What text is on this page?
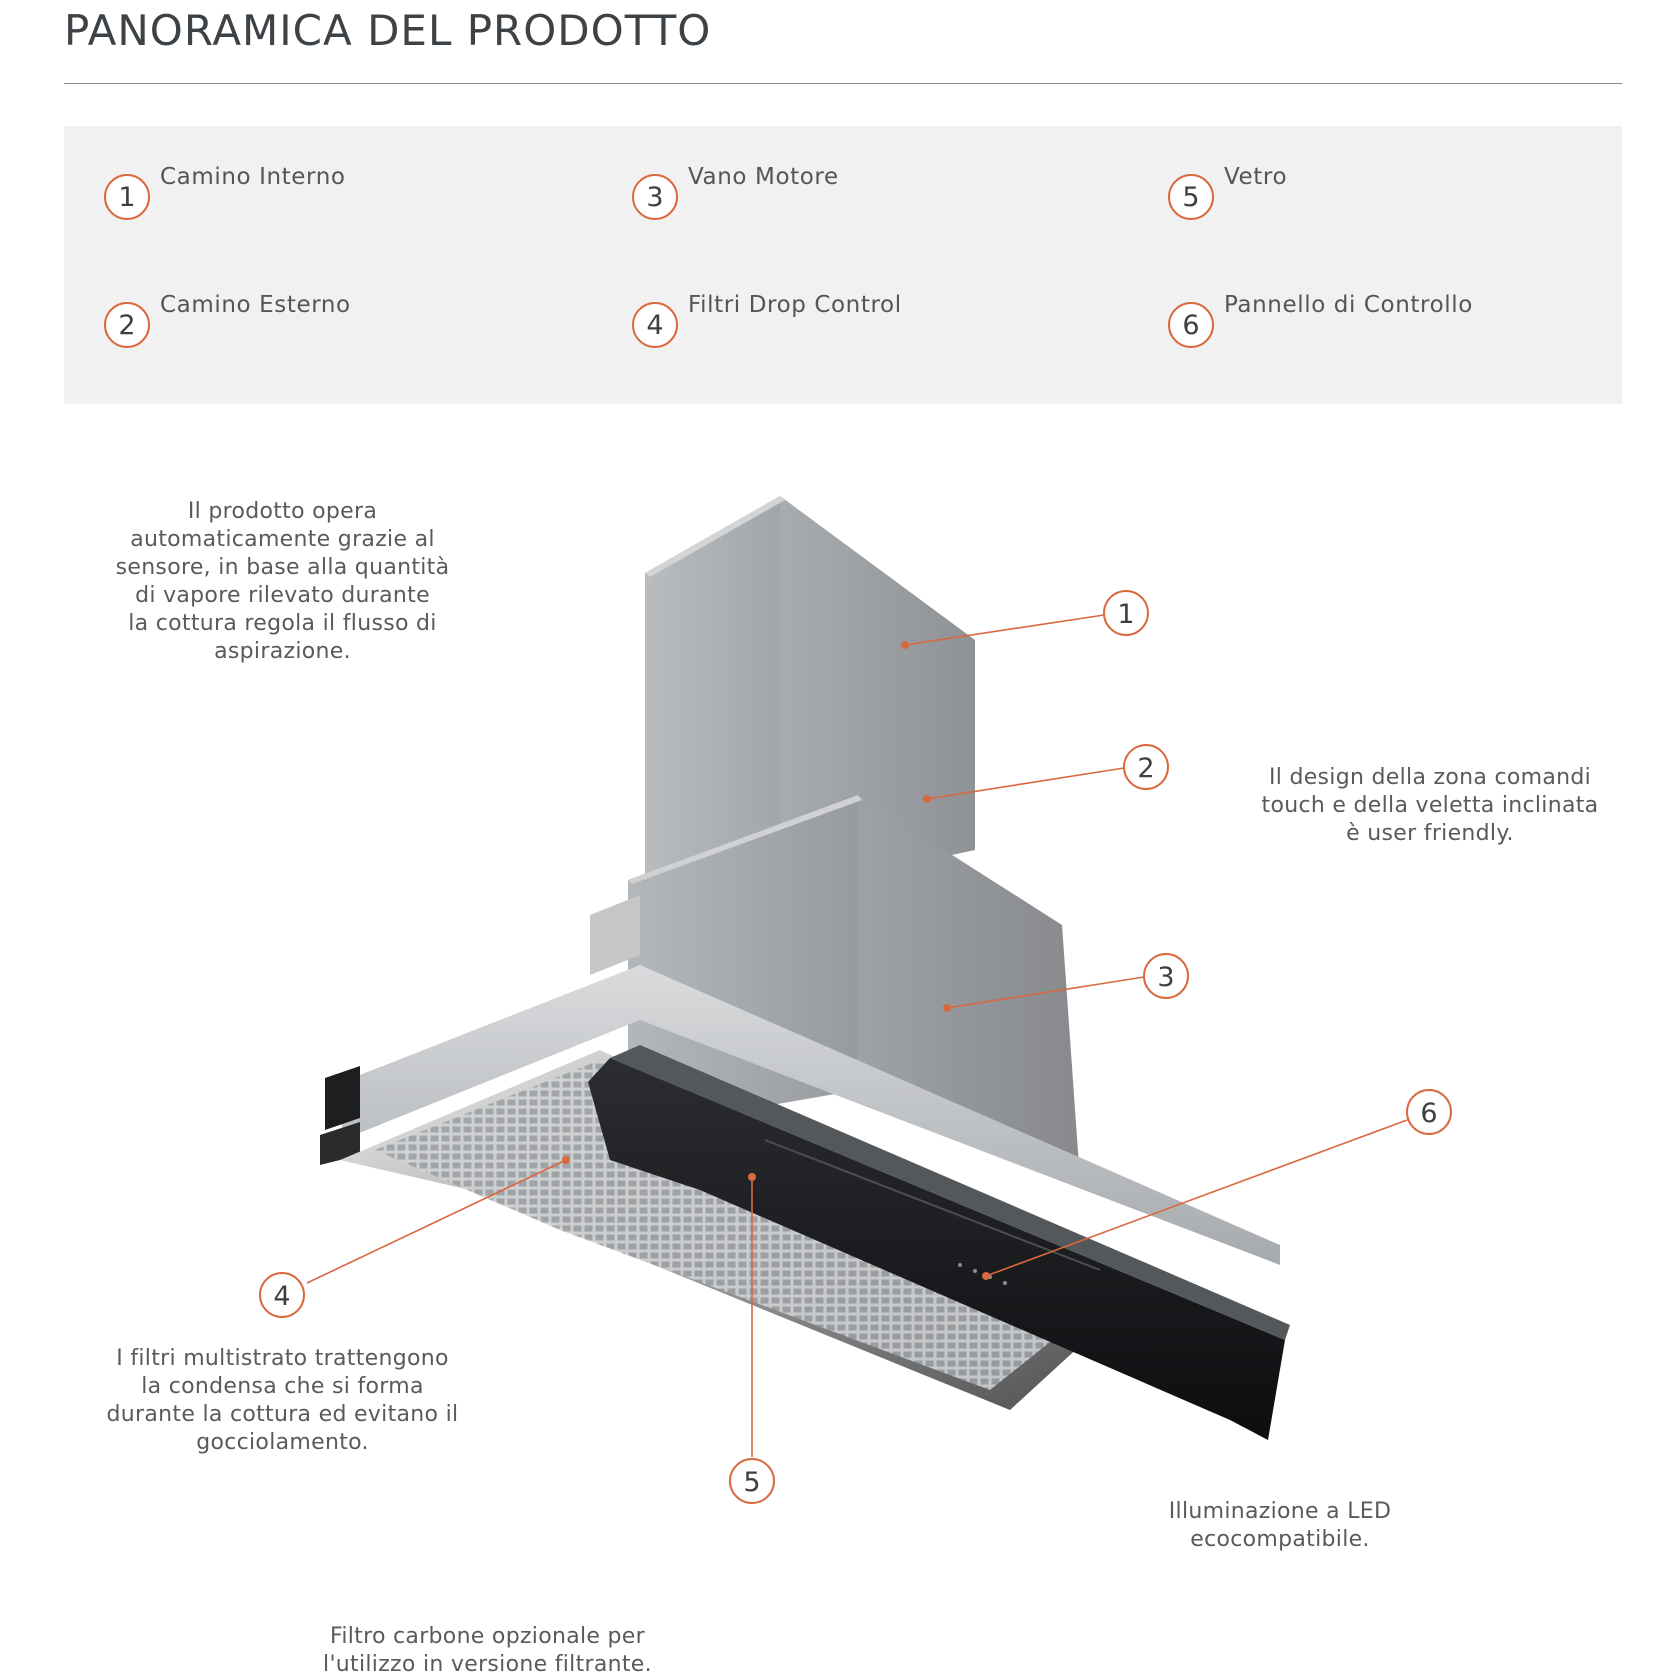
PANORAMICA DEL PRODOTTO
1
Camino Interno
2
Camino Esterno
3
Vano Motore
4
Filtri Drop Control
5
Vetro
6
Pannello di Controllo
Il prodotto opera
automaticamente grazie al
sensore, in base alla quantità
di vapore rilevato durante
la cottura regola il flusso di
aspirazione.
Il design della zona comandi
touch e della veletta inclinata
è user friendly.
I filtri multistrato trattengono
la condensa che si forma
durante la cottura ed evitano il
gocciolamento.
Illuminazione a LED
ecocompatibile.
Filtro carbone opzionale per
l'utilizzo in versione filtrante.
1
2
3
4
5
6
